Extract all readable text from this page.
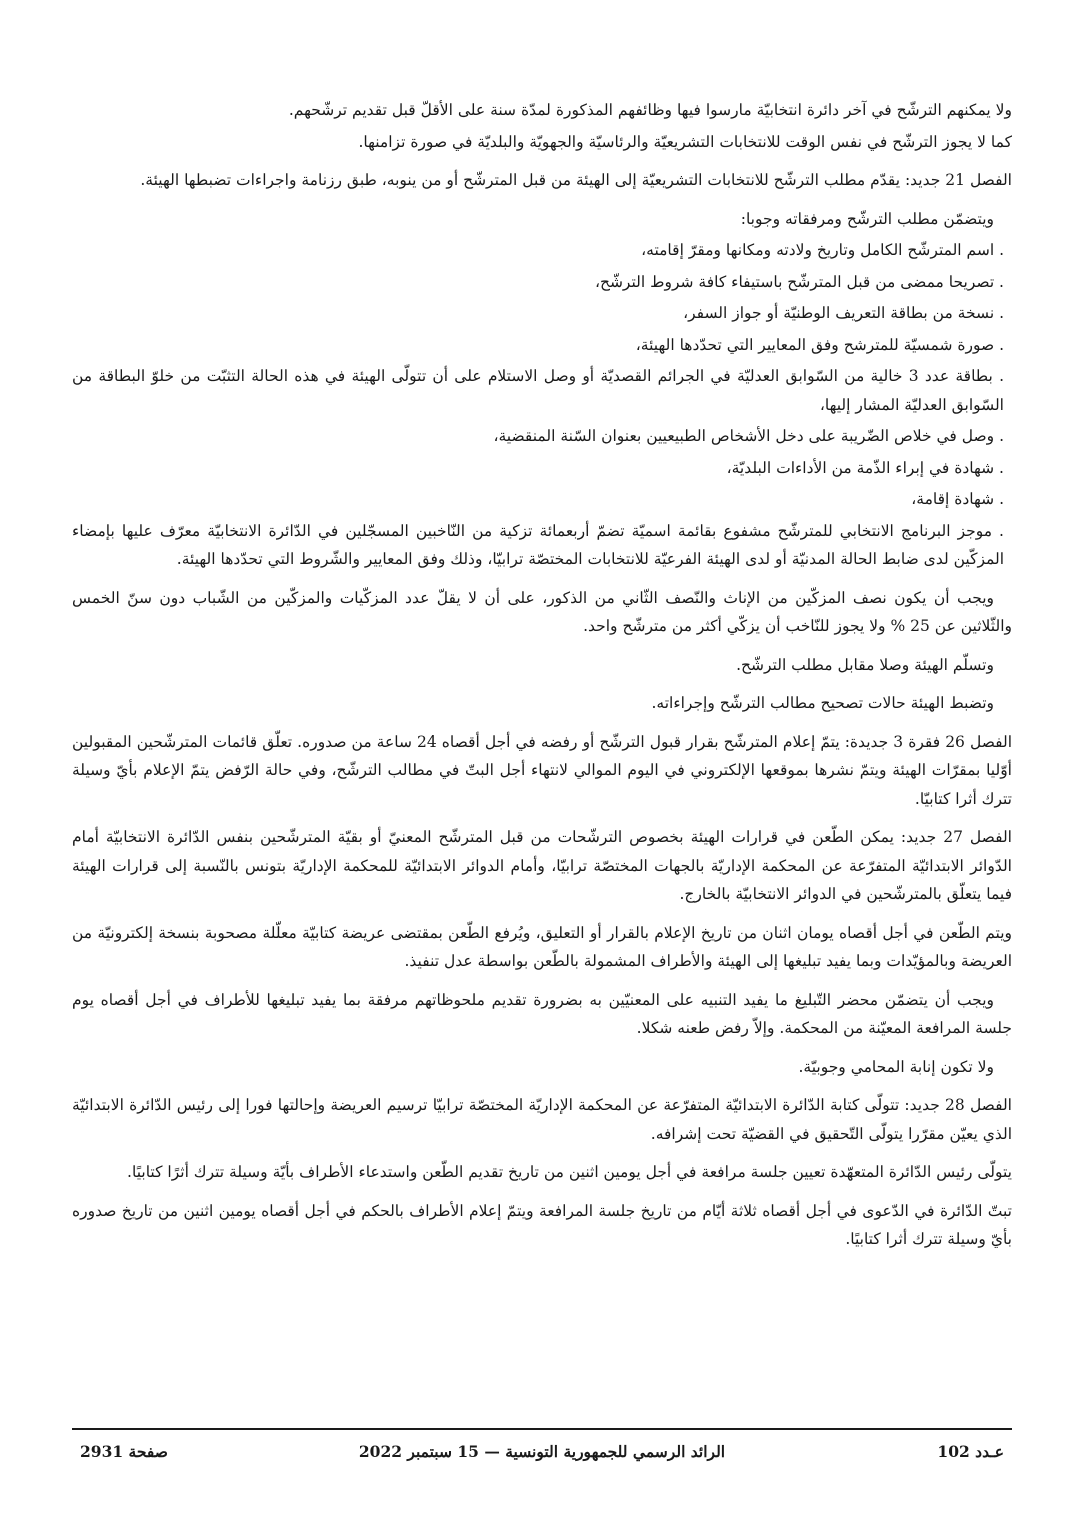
ولا يمكنهم الترشّح في آخر دائرة انتخابيّة مارسوا فيها وظائفهم المذكورة لمدّة سنة على الأقلّ قبل تقديم ترشّحهم.

كما لا يجوز الترشّح في نفس الوقت للانتخابات التشريعيّة والرئاسيّة والجهويّة والبلديّة في صورة تزامنها.

الفصل 21 جديد: يقدّم مطلب الترشّح للانتخابات التشريعيّة إلى الهيئة من قبل المترشّح أو من ينوبه، طبق رزنامة واجراءات تضبطها الهيئة.

ويتضمّن مطلب الترشّح ومرفقاته وجوبا:

. اسم المترشّح الكامل وتاريخ ولادته ومكانها ومقرّ إقامته،

. تصريحا ممضى من قبل المترشّح باستيفاء كافة شروط الترشّح،

. نسخة من بطاقة التعريف الوطنيّة أو جواز السفر،

. صورة شمسيّة للمترشح وفق المعايير التي تحدّدها الهيئة،

. بطاقة عدد 3 خالية من السّوابق العدليّة في الجرائم القصديّة أو وصل الاستلام على أن تتولّى الهيئة في هذه الحالة التثبّت من خلوّ البطاقة من السّوابق العدليّة المشار إليها،

. وصل في خلاص الضّريبة على دخل الأشخاص الطبيعيين بعنوان السّنة المنقضية،

. شهادة في إبراء الذّمة من الأداءات البلديّة،

. شهادة إقامة،

. موجز البرنامج الانتخابي للمترشّح مشفوع بقائمة اسميّة تضمّ أربعمائة تزكية من النّاخبين المسجّلين في الدّائرة الانتخابيّة معرّف عليها بإمضاء المزكّين لدى ضابط الحالة المدنيّة أو لدى الهيئة الفرعيّة للانتخابات المختصّة ترابيّا، وذلك وفق المعايير والشّروط التي تحدّدها الهيئة.

ويجب أن يكون نصف المزكّين من الإناث والنّصف الثّاني من الذكور، على أن لا يقلّ عدد المزكّيات والمزكّين من الشّباب دون سنّ الخمس والثّلاثين عن 25 % ولا يجوز للنّاخب أن يزكّي أكثر من مترشّح واحد.

وتسلّم الهيئة وصلا مقابل مطلب الترشّح.

وتضبط الهيئة حالات تصحيح مطالب الترشّح وإجراءاته.

الفصل 26 فقرة 3 جديدة: يتمّ إعلام المترشّح بقرار قبول الترشّح أو رفضه في أجل أقصاه 24 ساعة من صدوره. تعلّق قائمات المترشّحين المقبولين أوّليا بمقرّات الهيئة ويتمّ نشرها بموقعها الإلكتروني في اليوم الموالي لانتهاء أجل البتّ في مطالب الترشّح، وفي حالة الرّفض يتمّ الإعلام بأيّ وسيلة تترك أثرا كتابيّا.

الفصل 27 جديد: يمكن الطّعن في قرارات الهيئة بخصوص الترشّحات من قبل المترشّح المعنيّ أو بقيّة المترشّحين بنفس الدّائرة الانتخابيّة أمام الدّوائر الابتدائيّة المتفرّعة عن المحكمة الإداريّة بالجهات المختصّة ترابيّا، وأمام الدوائر الابتدائيّة للمحكمة الإداريّة بتونس بالنّسبة إلى قرارات الهيئة فيما يتعلّق بالمترشّحين في الدوائر الانتخابيّة بالخارج.

ويتم الطّعن في أجل أقصاه يومان اثنان من تاريخ الإعلام بالقرار أو التعليق، ويُرفع الطّعن بمقتضى عريضة كتابيّة معلّلة مصحوبة بنسخة إلكترونيّة من العريضة وبالمؤيّدات وبما يفيد تبليغها إلى الهيئة والأطراف المشمولة بالطّعن بواسطة عدل تنفيذ.

ويجب أن يتضمّن محضر التّبليغ ما يفيد التنبيه على المعنيّين به بضرورة تقديم ملحوظاتهم مرفقة بما يفيد تبليغها للأطراف في أجل أقصاه يوم جلسة المرافعة المعيّنة من المحكمة. وإلاّ رفض طعنه شكلا.

ولا تكون إنابة المحامي وجوبيّة.

الفصل 28 جديد: تتولّى كتابة الدّائرة الابتدائيّة المتفرّعة عن المحكمة الإداريّة المختصّة ترابيّا ترسيم العريضة وإحالتها فورا إلى رئيس الدّائرة الابتدائيّة الذي يعيّن مقرّرا يتولّى التّحقيق في القضيّة تحت إشرافه.

يتولّى رئيس الدّائرة المتعهّدة تعيين جلسة مرافعة في أجل يومين اثنين من تاريخ تقديم الطّعن واستدعاء الأطراف بأيّة وسيلة تترك أثرًا كتابيًا.

تبتّ الدّائرة في الدّعوى في أجل أقصاه ثلاثة أيّام من تاريخ جلسة المرافعة ويتمّ إعلام الأطراف بالحكم في أجل أقصاه يومين اثنين من تاريخ صدوره بأيّ وسيلة تترك أثرا كتابيًا.

عـدد 102
الرائد الرسمي للجمهورية التونسية — 15 سبتمبر 2022
صفحة 2931
